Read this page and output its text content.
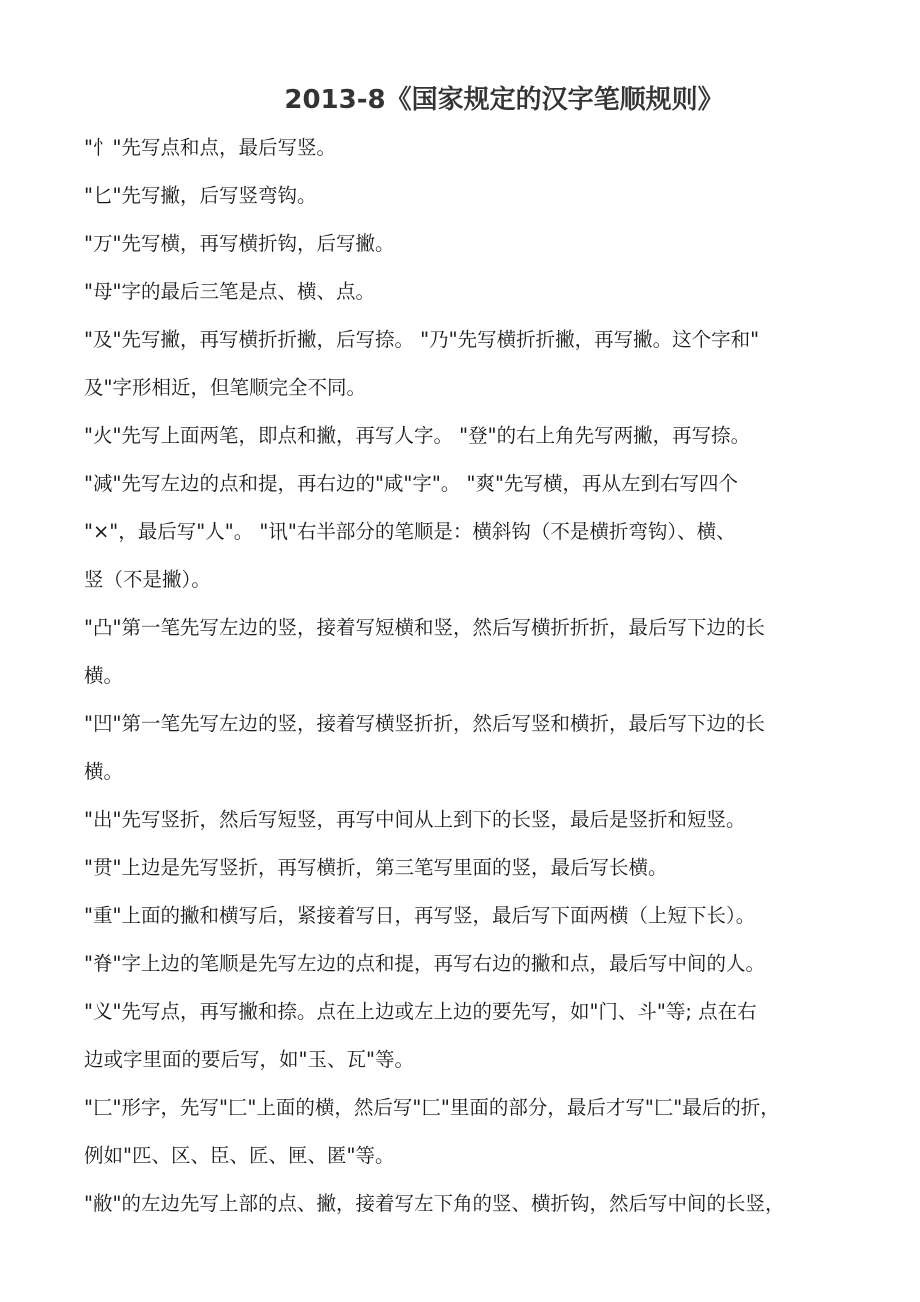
2013-8《国家规定的汉字笔顺规则》
"忄"先写点和点，最后写竖。
"匕"先写撇，后写竖弯钩。
"万"先写横，再写横折钩，后写撇。
"母"字的最后三笔是点、横、点。
"及"先写撇，再写横折折撇，后写捺。 "乃"先写横折折撇，再写撇。这个字和"
及"字形相近，但笔顺完全不同。
"火"先写上面两笔，即点和撇，再写人字。 "登"的右上角先写两撇，再写捺。
"减"先写左边的点和提，再右边的"咸"字"。 "爽"先写横，再从左到右写四个
"×"，最后写"人"。 "讯"右半部分的笔顺是：横斜钩（不是横折弯钩）、横、
竖（不是撇）。
"凸"第一笔先写左边的竖，接着写短横和竖，然后写横折折折，最后写下边的长
横。
"凹"第一笔先写左边的竖，接着写横竖折折，然后写竖和横折，最后写下边的长
横。
"出"先写竖折，然后写短竖，再写中间从上到下的长竖，最后是竖折和短竖。
"贯"上边是先写竖折，再写横折，第三笔写里面的竖，最后写长横。
"重"上面的撇和横写后，紧接着写日，再写竖，最后写下面两横（上短下长）。
"脊"字上边的笔顺是先写左边的点和提，再写右边的撇和点，最后写中间的人。
"义"先写点，再写撇和捺。点在上边或左上边的要先写，如"门、斗"等; 点在右
边或字里面的要后写，如"玉、瓦"等。
"匚"形字，先写"匚"上面的横，然后写"匚"里面的部分，最后才写"匚"最后的折，
例如"匹、区、臣、匠、匣、匿"等。
"敝"的左边先写上部的点、撇，接着写左下角的竖、横折钩，然后写中间的长竖，
